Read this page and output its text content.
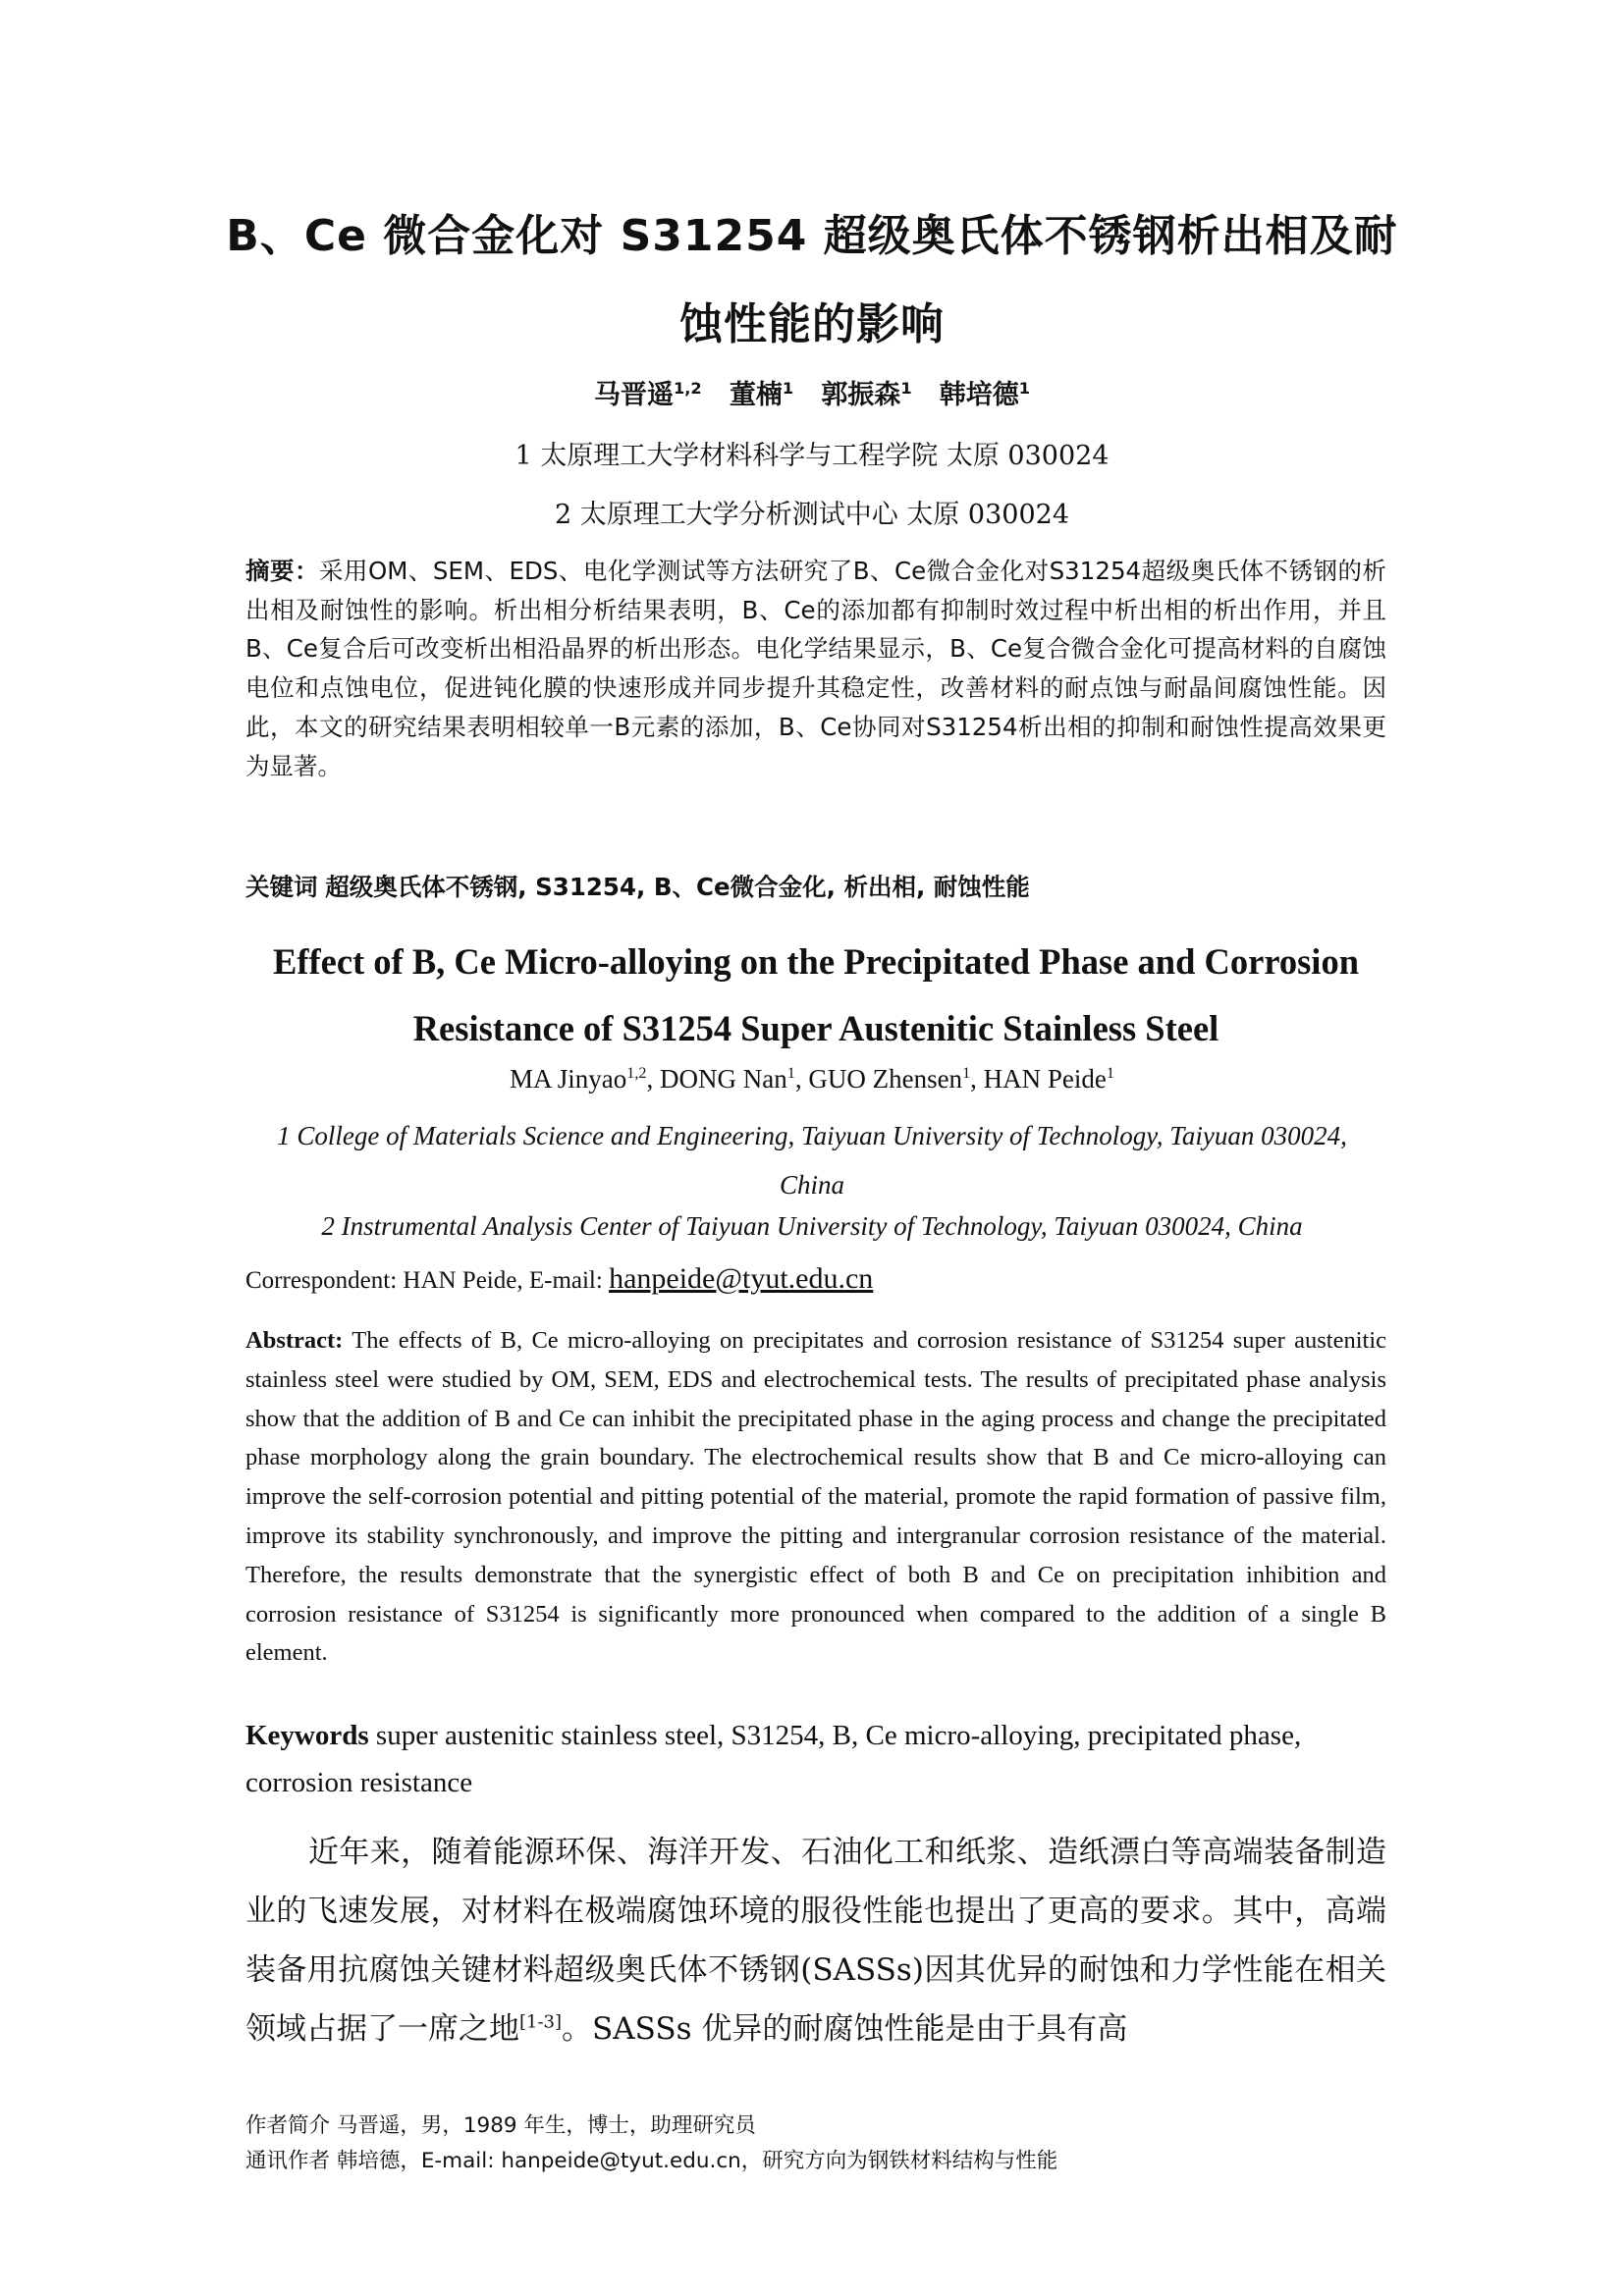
B、Ce 微合金化对 S31254 超级奥氏体不锈钢析出相及耐蚀性能的影响
马晋遥$^{1,2}$ 董楠$^1$ 郭振森$^1$ 韩培德$^1$
1 太原理工大学材料科学与工程学院 太原 030024
2 太原理工大学分析测试中心 太原 030024
摘要：采用OM、SEM、EDS、电化学测试等方法研究了B、Ce微合金化对S31254超级奥氏体不锈钢的析出相及耐蚀性的影响。析出相分析结果表明，B、Ce的添加都有抑制时效过程中析出相的析出作用，并且B、Ce复合后可改变析出相沿晶界的析出形态。电化学结果显示，B、Ce复合微合金化可提高材料的自腐蚀电位和点蚀电位，促进钝化膜的快速形成并同步提升其稳定性，改善材料的耐点蚀与耐晶间腐蚀性能。因此，本文的研究结果表明相较单一B元素的添加，B、Ce协同对S31254析出相的抑制和耐蚀性提高效果更为显著。
关键词 超级奥氏体不锈钢, S31254, B、Ce微合金化, 析出相, 耐蚀性能
Effect of B, Ce Micro-alloying on the Precipitated Phase and Corrosion Resistance of S31254 Super Austenitic Stainless Steel
MA Jinyao$^{1,2}$, DONG Nan$^1$, GUO Zhensen$^1$, HAN Peide$^1$
1 College of Materials Science and Engineering, Taiyuan University of Technology, Taiyuan 030024, China
2 Instrumental Analysis Center of Taiyuan University of Technology, Taiyuan 030024, China
Correspondent: HAN Peide, E-mail: hanpeide@tyut.edu.cn
Abstract: The effects of B, Ce micro-alloying on precipitates and corrosion resistance of S31254 super austenitic stainless steel were studied by OM, SEM, EDS and electrochemical tests. The results of precipitated phase analysis show that the addition of B and Ce can inhibit the precipitated phase in the aging process and change the precipitated phase morphology along the grain boundary. The electrochemical results show that B and Ce micro-alloying can improve the self-corrosion potential and pitting potential of the material, promote the rapid formation of passive film, improve its stability synchronously, and improve the pitting and intergranular corrosion resistance of the material. Therefore, the results demonstrate that the synergistic effect of both B and Ce on precipitation inhibition and corrosion resistance of S31254 is significantly more pronounced when compared to the addition of a single B element.
Keywords super austenitic stainless steel, S31254, B, Ce micro-alloying, precipitated phase, corrosion resistance
近年来，随着能源环保、海洋开发、石油化工和纸浆、造纸漂白等高端装备制造业的飞速发展，对材料在极端腐蚀环境的服役性能也提出了更高的要求。其中，高端装备用抗腐蚀关键材料超级奥氏体不锈钢(SASSs)因其优异的耐蚀和力学性能在相关领域占据了一席之地[1-3]。SASSs 优异的耐腐蚀性能是由于具有高
作者简介 马晋遥，男，1989 年生，博士，助理研究员
通讯作者 韩培德，E-mail: hanpeide@tyut.edu.cn，研究方向为钢铁材料结构与性能
